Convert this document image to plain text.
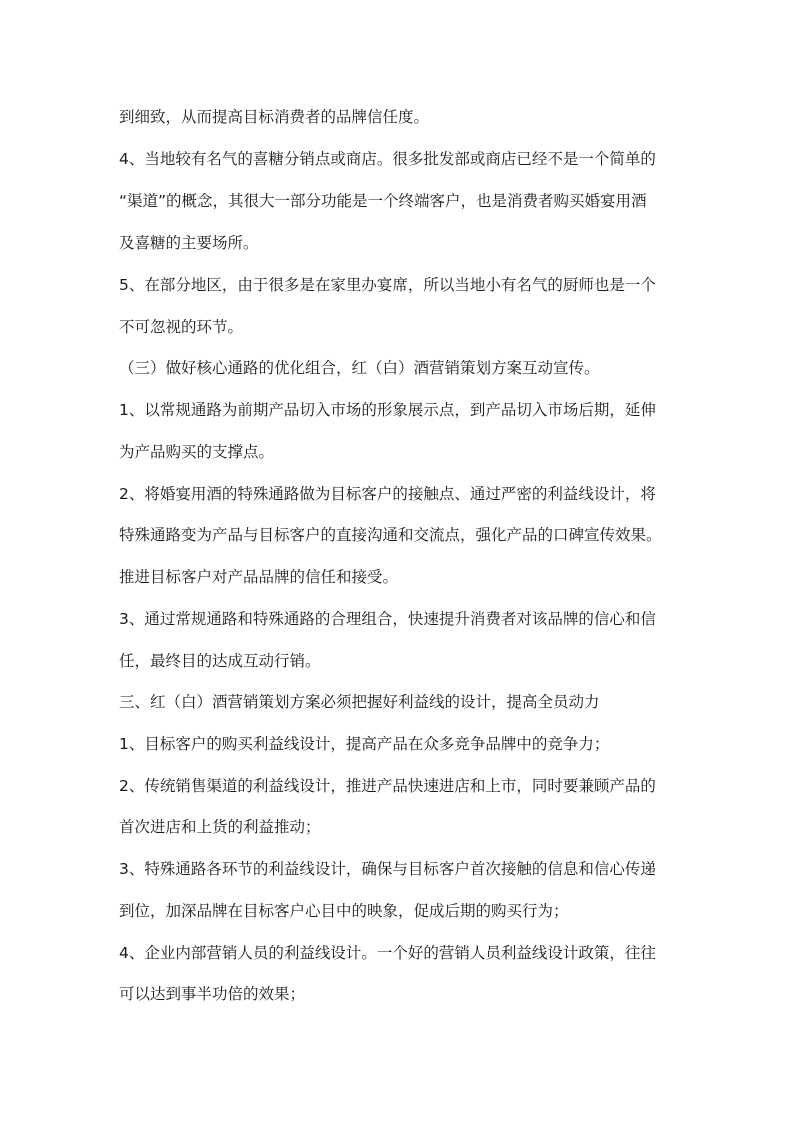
到细致，从而提高目标消费者的品牌信任度。
4、当地较有名气的喜糖分销点或商店。很多批发部或商店已经不是一个简单的
“渠道”的概念，其很大一部分功能是一个终端客户，也是消费者购买婚宴用酒
及喜糖的主要场所。
5、在部分地区，由于很多是在家里办宴席，所以当地小有名气的厨师也是一个
不可忽视的环节。
（三）做好核心通路的优化组合，红（白）酒营销策划方案互动宣传。
1、以常规通路为前期产品切入市场的形象展示点，到产品切入市场后期，延伸
为产品购买的支撑点。
2、将婚宴用酒的特殊通路做为目标客户的接触点、通过严密的利益线设计，将
特殊通路变为产品与目标客户的直接沟通和交流点，强化产品的口碑宣传效果。
推进目标客户对产品品牌的信任和接受。
3、通过常规通路和特殊通路的合理组合，快速提升消费者对该品牌的信心和信
任，最终目的达成互动行销。
三、红（白）酒营销策划方案必须把握好利益线的设计，提高全员动力
1、目标客户的购买利益线设计，提高产品在众多竞争品牌中的竞争力；
2、传统销售渠道的利益线设计，推进产品快速进店和上市，同时要兼顾产品的
首次进店和上货的利益推动；
3、特殊通路各环节的利益线设计，确保与目标客户首次接触的信息和信心传递
到位，加深品牌在目标客户心目中的映象，促成后期的购买行为；
4、企业内部营销人员的利益线设计。一个好的营销人员利益线设计政策，往往
可以达到事半功倍的效果；
